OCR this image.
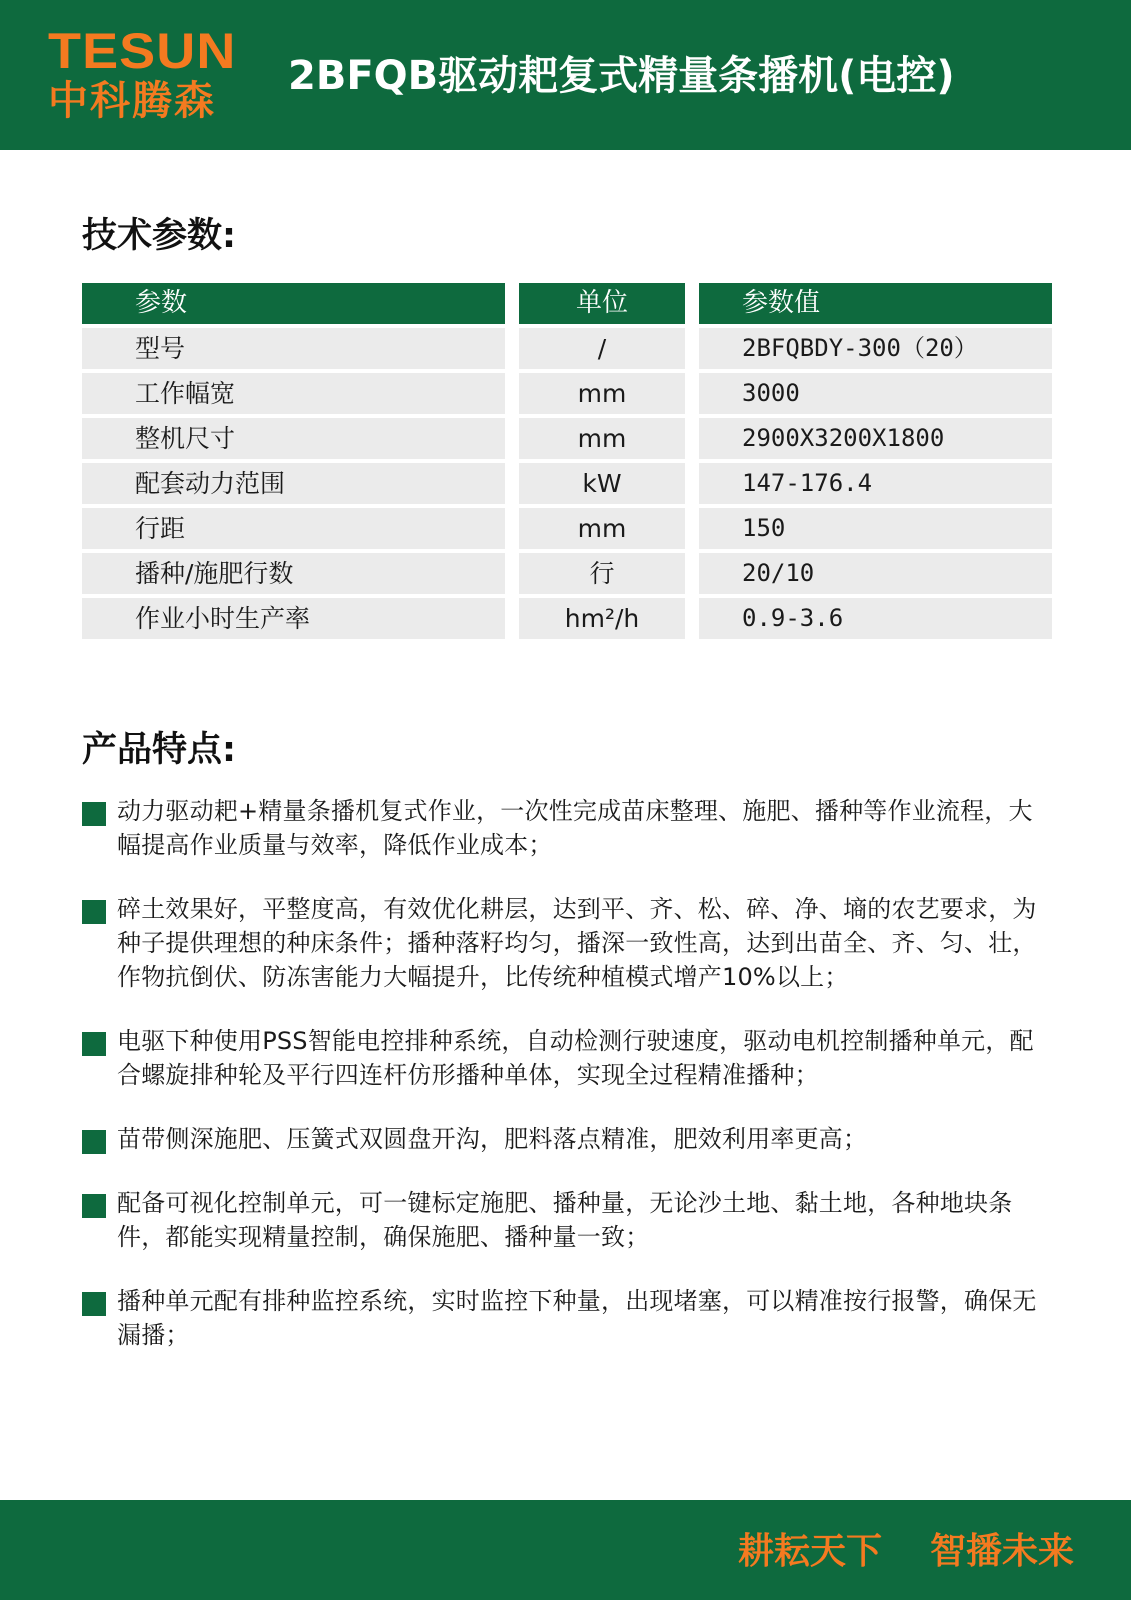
TESUN
中科腾森
2BFQB驱动耙复式精量条播机(电控)
技术参数:
参数	单位	参数值
型号	/	2BFQBDY-300（20）
工作幅宽	mm	3000
整机尺寸	mm	2900X3200X1800
配套动力范围	kW	147-176.4
行距	mm	150
播种/施肥行数	行	20/10
作业小时生产率	hm²/h	0.9-3.6
产品特点:
动力驱动耙+精量条播机复式作业，一次性完成苗床整理、施肥、播种等作业流程，大幅提高作业质量与效率，降低作业成本；
碎土效果好，平整度高，有效优化耕层，达到平、齐、松、碎、净、墒的农艺要求，为种子提供理想的种床条件；播种落籽均匀，播深一致性高，达到出苗全、齐、匀、壮，作物抗倒伏、防冻害能力大幅提升，比传统种植模式增产10%以上；
电驱下种使用PSS智能电控排种系统，自动检测行驶速度，驱动电机控制播种单元，配合螺旋排种轮及平行四连杆仿形播种单体，实现全过程精准播种；
苗带侧深施肥、压簧式双圆盘开沟，肥料落点精准，肥效利用率更高；
配备可视化控制单元，可一键标定施肥、播种量，无论沙土地、黏土地，各种地块条件，都能实现精量控制，确保施肥、播种量一致；
播种单元配有排种监控系统，实时监控下种量，出现堵塞，可以精准按行报警，确保无漏播；
耕耘天下 智播未来
